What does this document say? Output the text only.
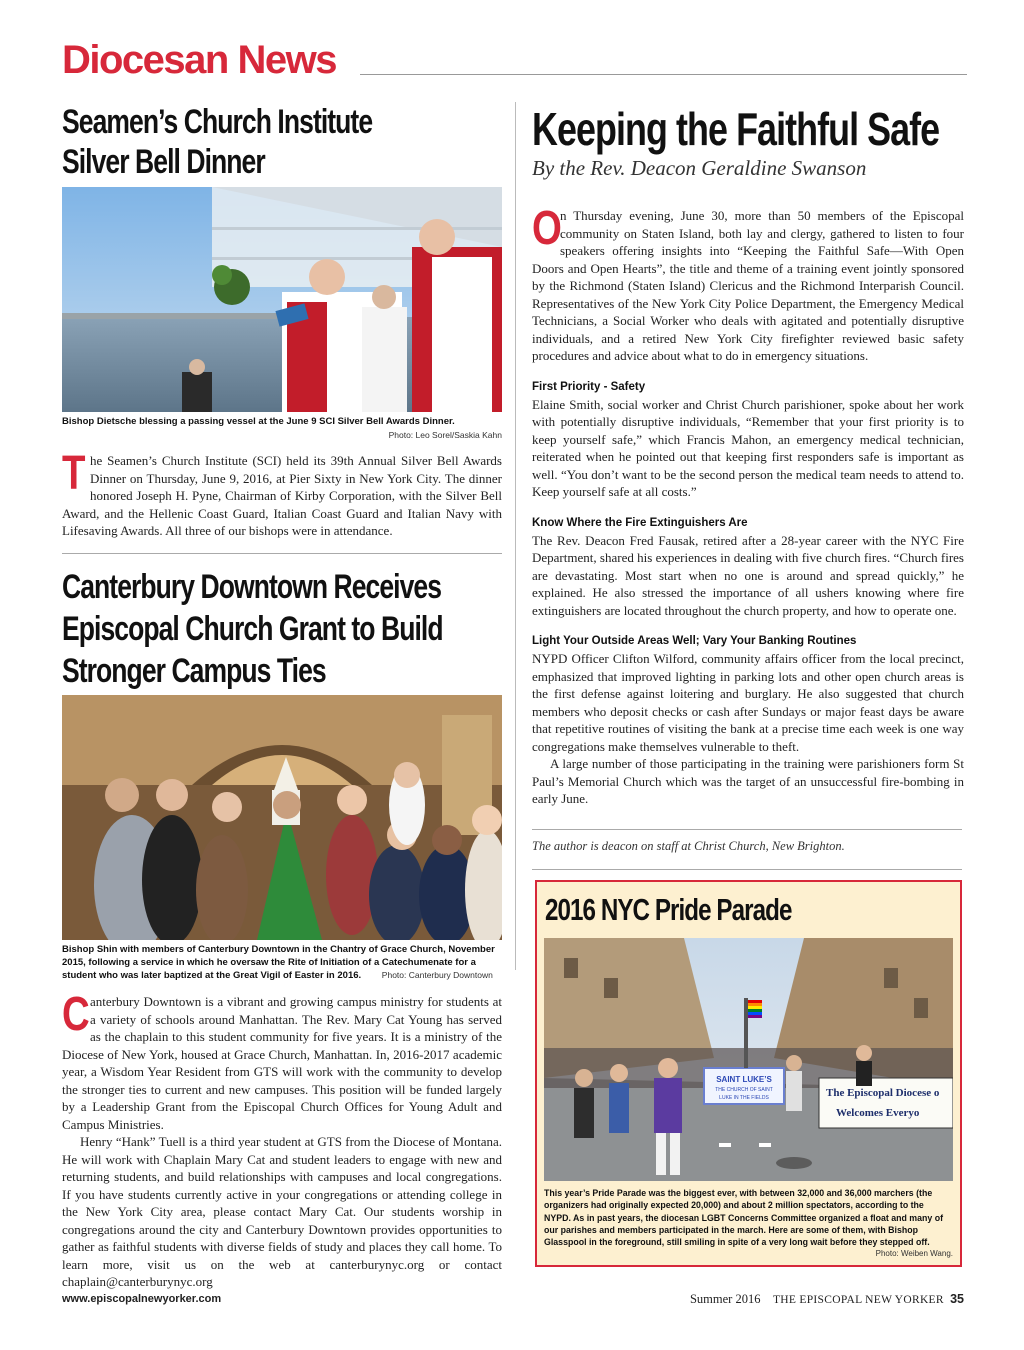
Diocesan News
Seamen’s Church Institute
Silver Bell Dinner
Bishop Dietsche blessing a passing vessel at the June 9 SCI Silver Bell Awards Dinner.
Photo: Leo Sorel/Saskia Kahn
The Seamen’s Church Institute (SCI) held its 39th Annual Silver Bell Awards Dinner on Thursday, June 9, 2016, at Pier Sixty in New York City. The dinner honored Joseph H. Pyne, Chairman of Kirby Corporation, with the Silver Bell Award, and the Hellenic Coast Guard, Italian Coast Guard and Italian Navy with Lifesaving Awards. All three of our bishops were in attendance.
Canterbury Downtown Receives
Episcopal Church Grant to Build
Stronger Campus Ties
Bishop Shin with members of Canterbury Downtown in the Chantry of Grace Church, November 2015, following a service in which he oversaw the Rite of Initiation of a Catechumenate for a student who was later baptized at the Great Vigil of Easter in 2016. Photo: Canterbury Downtown

Canterbury Downtown is a vibrant and growing campus ministry for students at a variety of schools around Manhattan. The Rev. Mary Cat Young has served as the chaplain to this student community for five years. It is a ministry of the Diocese of New York, housed at Grace Church, Manhattan. In, 2016-2017 academic year, a Wisdom Year Resident from GTS will work with the community to develop the stronger ties to current and new campuses. This position will be funded largely by a Leadership Grant from the Episcopal Church Offices for Young Adult and Campus Ministries.

Henry “Hank” Tuell is a third year student at GTS from the Diocese of Montana. He will work with Chaplain Mary Cat and student leaders to engage with new and returning students, and build relationships with campuses and local congregations. If you have students currently active in your congregations or attending college in the New York City area, please contact Mary Cat. Our students worship in congregations around the city and Canterbury Downtown provides opportunities to gather as faithful students with diverse fields of study and places they call home. To learn more, visit us on the web at canterburynyc.org or contact chaplain@canterburynyc.org

Keeping the Faithful Safe
By the Rev. Deacon Geraldine Swanson

O
n Thursday evening, June 30, more than 50 members of the Episcopal community on Staten Island, both lay and clergy, gathered to listen to four speakers offering insights into “Keeping the Faithful Safe—With Open Doors and Open Hearts”, the title and theme of a training event jointly sponsored by the Richmond (Staten Island) Clericus and the Richmond Interparish Council. Representatives of the New York City Police Department, the Emergency Medical Technicians, a Social Worker who deals with agitated and potentially disruptive individuals, and a retired New York City firefighter reviewed basic safety procedures and advice about what to do in emergency situations.

First Priority - Safety

Elaine Smith, social worker and Christ Church parishioner, spoke about her work with potentially disruptive individuals, “Remember that your first priority is to keep yourself safe,” which Francis Mahon, an emergency medical technician, reiterated when he pointed out that keeping first responders safe is important as well. “You don’t want to be the second person the medical team needs to attend to. Keep yourself safe at all costs.”

Know Where the Fire Extinguishers Are

The Rev. Deacon Fred Fausak, retired after a 28-year career with the NYC Fire Department, shared his experiences in dealing with five church fires. “Church fires are devastating. Most start when no one is around and spread quickly,” he explained. He also stressed the importance of all ushers knowing where fire extinguishers are located throughout the church property, and how to operate one.

Light Your Outside Areas Well; Vary Your Banking Routines

NYPD Officer Clifton Wilford, community affairs officer from the local precinct, emphasized that improved lighting in parking lots and other open church areas is the first defense against loitering and burglary. He also suggested that church members who deposit checks or cash after Sundays or major feast days be aware that repetitive routines of visiting the bank at a precise time each week is one way congregations make themselves vulnerable to theft.

A large number of those participating in the training were parishioners form St Paul’s Memorial Church which was the target of an unsuccessful fire-bombing in early June.

The author is deacon on staff at Christ Church, New Brighton.
2016 NYC Pride Parade
SAINT LUKE’S
THE CHURCH OF SAINT
LUKE IN THE FIELDS	The Episcopal Diocese o
Welcomes Everyo
This year’s Pride Parade was the biggest ever, with between 32,000 and 36,000 marchers (the organizers had originally expected 20,000) and about 2 million spectators, according to the NYPD. As in past years, the diocesan LGBT Concerns Committee organized a float and many of our parishes and members participated in the march. Here are some of them, with Bishop Glasspool in the foreground, still smiling in spite of a very long wait before they stepped off.
Photo: Weiben Wang.
www.episcopalnewyorker.com	Summer 2016 THE EPISCOPAL NEW YORKER 35
